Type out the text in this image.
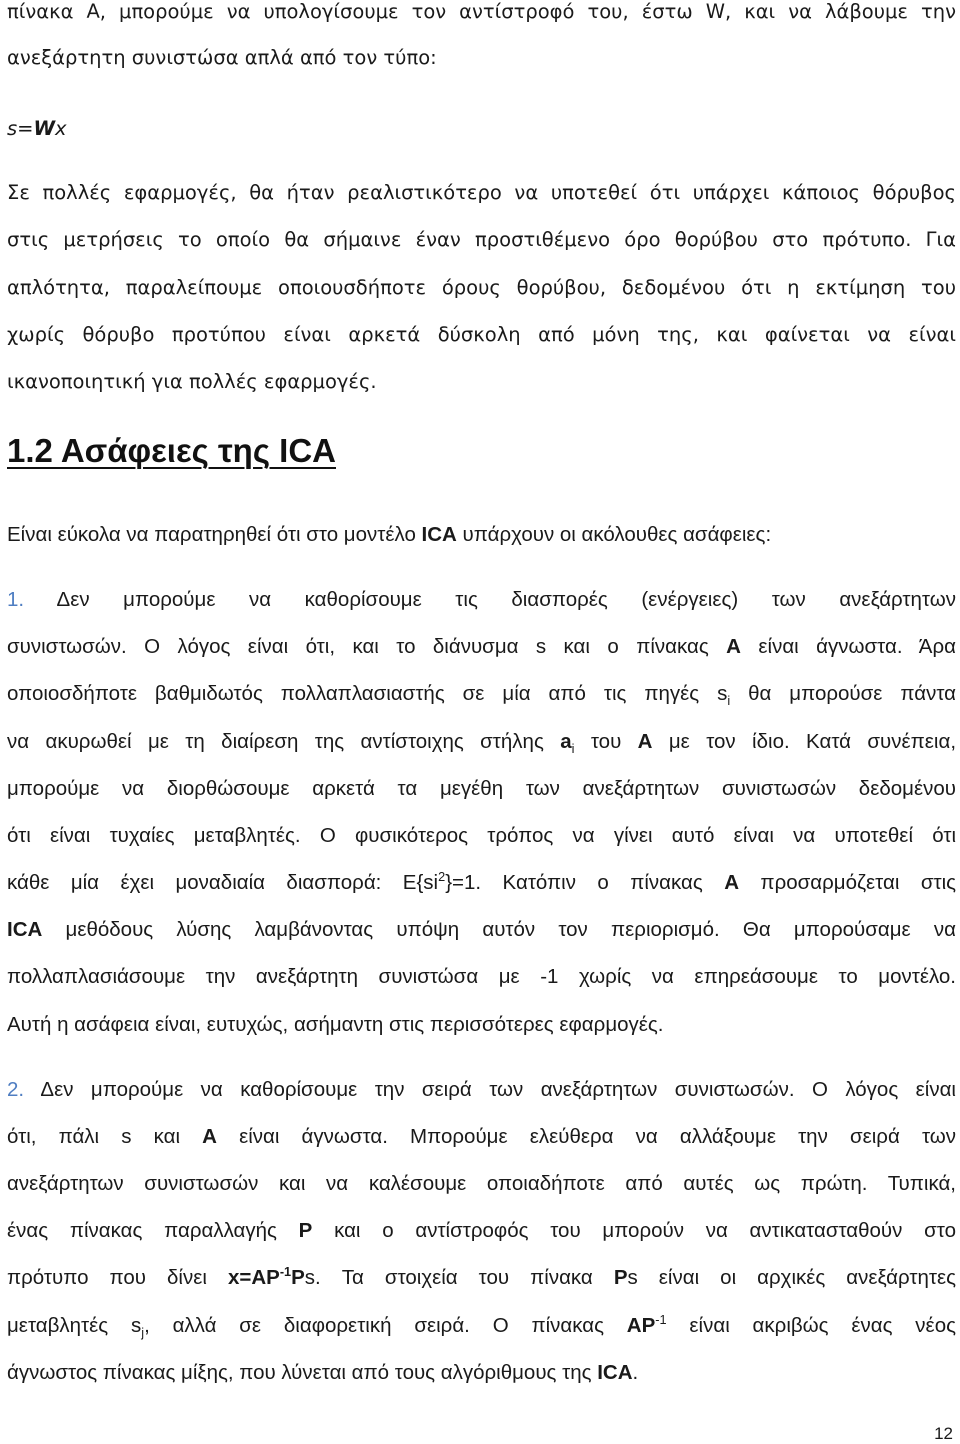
πίνακα Α, μπορούμε να υπολογίσουμε τον αντίστροφό του, έστω W, και να λάβουμε την
ανεξάρτητη συνιστώσα απλά από τον τύπο:
s=Wx
Σε πολλές εφαρμογές, θα ήταν ρεαλιστικότερο να υποτεθεί ότι υπάρχει κάποιος θόρυβος
στις μετρήσεις το οποίο θα σήμαινε έναν προστιθέμενο όρο θορύβου στο πρότυπο. Για
απλότητα, παραλείπουμε οποιουσδήποτε όρους θορύβου, δεδομένου ότι η εκτίμηση του
χωρίς θόρυβο προτύπου είναι αρκετά δύσκολη από μόνη της, και φαίνεται να είναι
ικανοποιητική για πολλές εφαρμογές.
1.2 Ασάφειες της ICA
Είναι εύκολα να παρατηρηθεί ότι στο μοντέλο ICA υπάρχουν οι ακόλουθες ασάφειες:
1. Δεν μπορούμε να καθορίσουμε τις διασπορές (ενέργειες) των ανεξάρτητων
συνιστωσών. Ο λόγος είναι ότι, και το διάνυσμα s και ο πίνακας Α είναι άγνωστα. Άρα
οποιοσδήποτε βαθμιδωτός πολλαπλασιαστής σε μία από τις πηγές $s_i$ θα μπορούσε πάντα
να ακυρωθεί με τη διαίρεση της αντίστοιχης στήλης $a_i$ του Α με τον ίδιο. Κατά συνέπεια,
μπορούμε να διορθώσουμε αρκετά τα μεγέθη των ανεξάρτητων συνιστωσών δεδομένου
ότι είναι τυχαίες μεταβλητές. Ο φυσικότερος τρόπος να γίνει αυτό είναι να υποτεθεί ότι
κάθε μία έχει μοναδιαία διασπορά: $E\{si^2\}=1$. Κατόπιν ο πίνακας Α προσαρμόζεται στις
ICA μεθόδους λύσης λαμβάνοντας υπόψη αυτόν τον περιορισμό. Θα μπορούσαμε να
πολλαπλασιάσουμε την ανεξάρτητη συνιστώσα με -1 χωρίς να επηρεάσουμε το μοντέλο.
Αυτή η ασάφεια είναι, ευτυχώς, ασήμαντη στις περισσότερες εφαρμογές.
2. Δεν μπορούμε να καθορίσουμε την σειρά των ανεξάρτητων συνιστωσών. Ο λόγος είναι
ότι, πάλι s και Α είναι άγνωστα. Μπορούμε ελεύθερα να αλλάξουμε την σειρά των
ανεξάρτητων συνιστωσών και να καλέσουμε οποιαδήποτε από αυτές ως πρώτη. Τυπικά,
ένας πίνακας παραλλαγής Ρ και ο αντίστροφός του μπορούν να αντικατασταθούν στο
πρότυπο που δίνει $x=AP^{-1}Ps$. Τα στοιχεία του πίνακα Ρs είναι οι αρχικές ανεξάρτητες
μεταβλητές $s_j$, αλλά σε διαφορετική σειρά. Ο πίνακας $AP^{-1}$ είναι ακριβώς ένας νέος
άγνωστος πίνακας μίξης, που λύνεται από τους αλγόριθμους της ICA.
12
